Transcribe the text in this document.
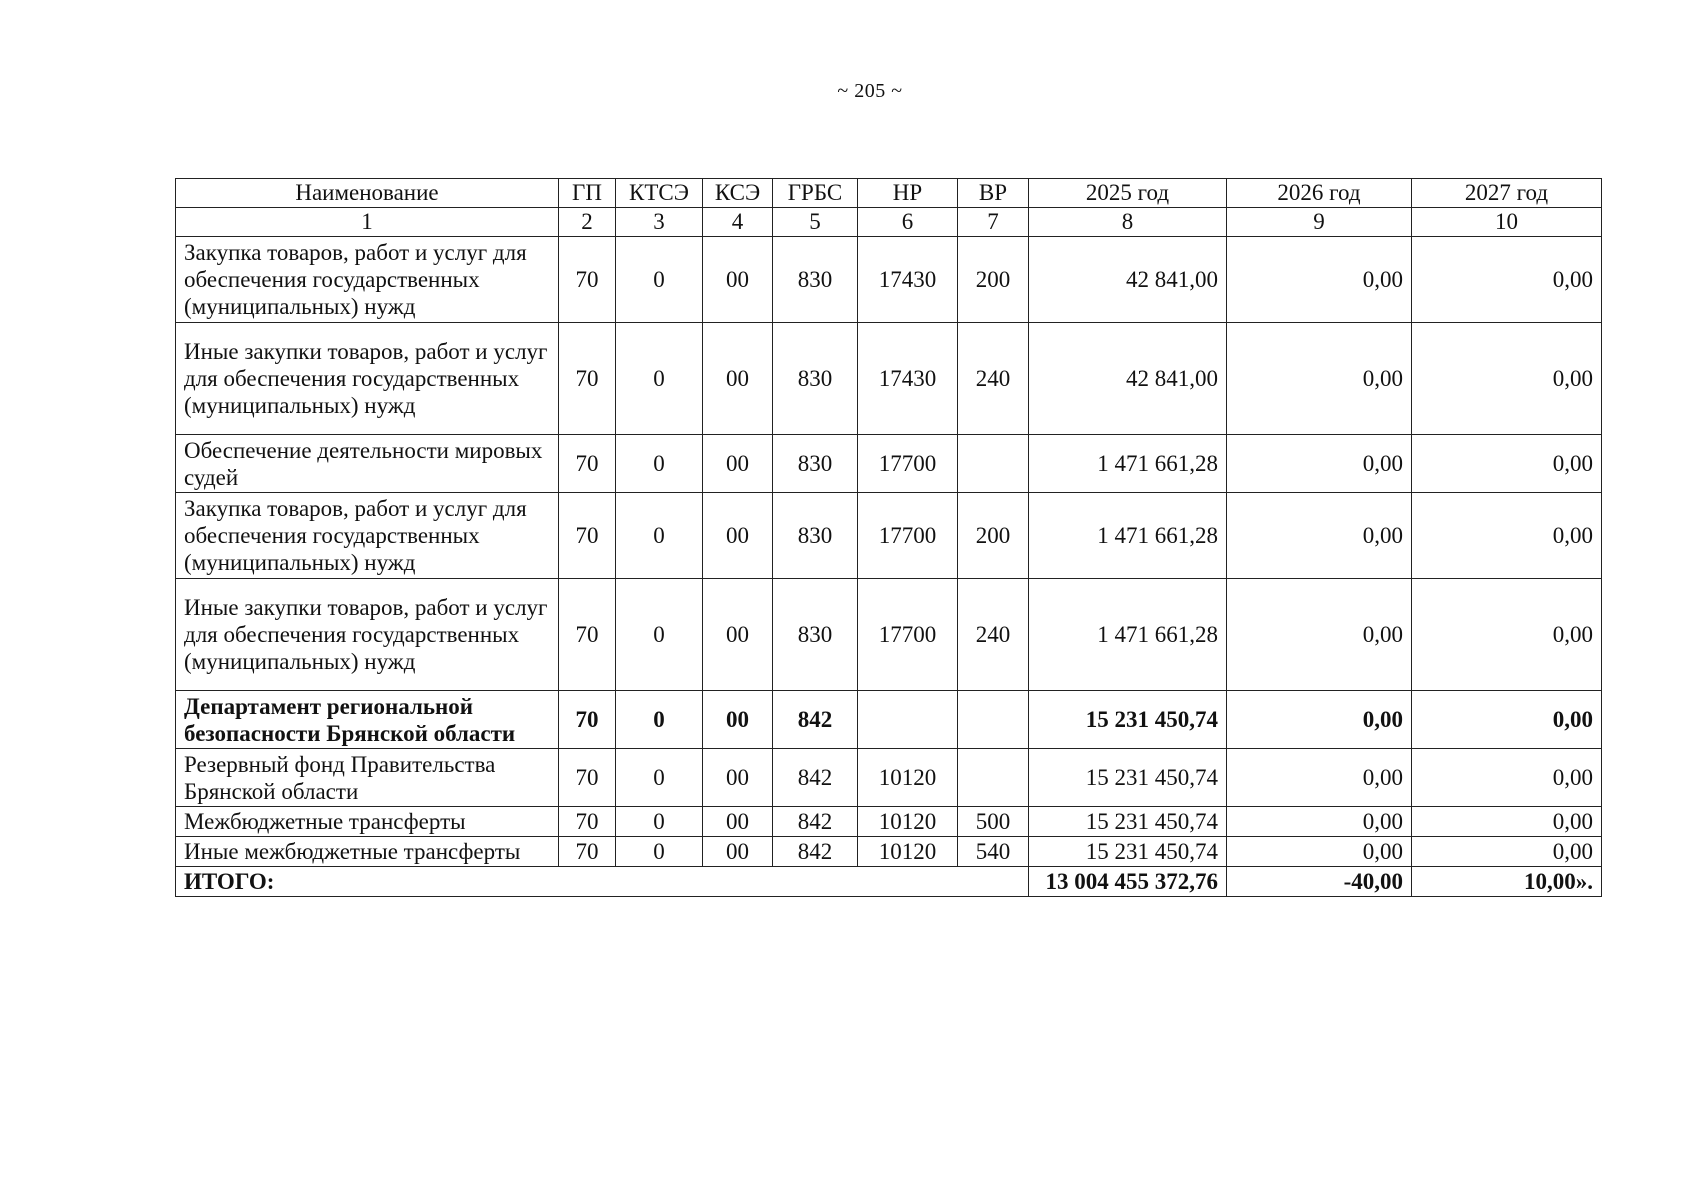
~ 205 ~
Наименование	ГП	КТСЭ	КСЭ	ГРБС	НР	ВР	2025 год	2026 год	2027 год
1	2	3	4	5	6	7	8	9	10
Закупка товаров, работ и услуг для обеспечения государственных (муниципальных) нужд	70	0	00	830	17430	200	42 841,00	0,00	0,00
Иные закупки товаров, работ и услуг для обеспечения государственных (муниципальных) нужд	70	0	00	830	17430	240	42 841,00	0,00	0,00
Обеспечение деятельности мировых судей	70	0	00	830	17700		1 471 661,28	0,00	0,00
Закупка товаров, работ и услуг для обеспечения государственных (муниципальных) нужд	70	0	00	830	17700	200	1 471 661,28	0,00	0,00
Иные закупки товаров, работ и услуг для обеспечения государственных (муниципальных) нужд	70	0	00	830	17700	240	1 471 661,28	0,00	0,00
Департамент региональной безопасности Брянской области	70	0	00	842			15 231 450,74	0,00	0,00
Резервный фонд Правительства Брянской области	70	0	00	842	10120		15 231 450,74	0,00	0,00
Межбюджетные трансферты	70	0	00	842	10120	500	15 231 450,74	0,00	0,00
Иные межбюджетные трансферты	70	0	00	842	10120	540	15 231 450,74	0,00	0,00
ИТОГО:							13 004 455 372,76	-40,00	10,00».
